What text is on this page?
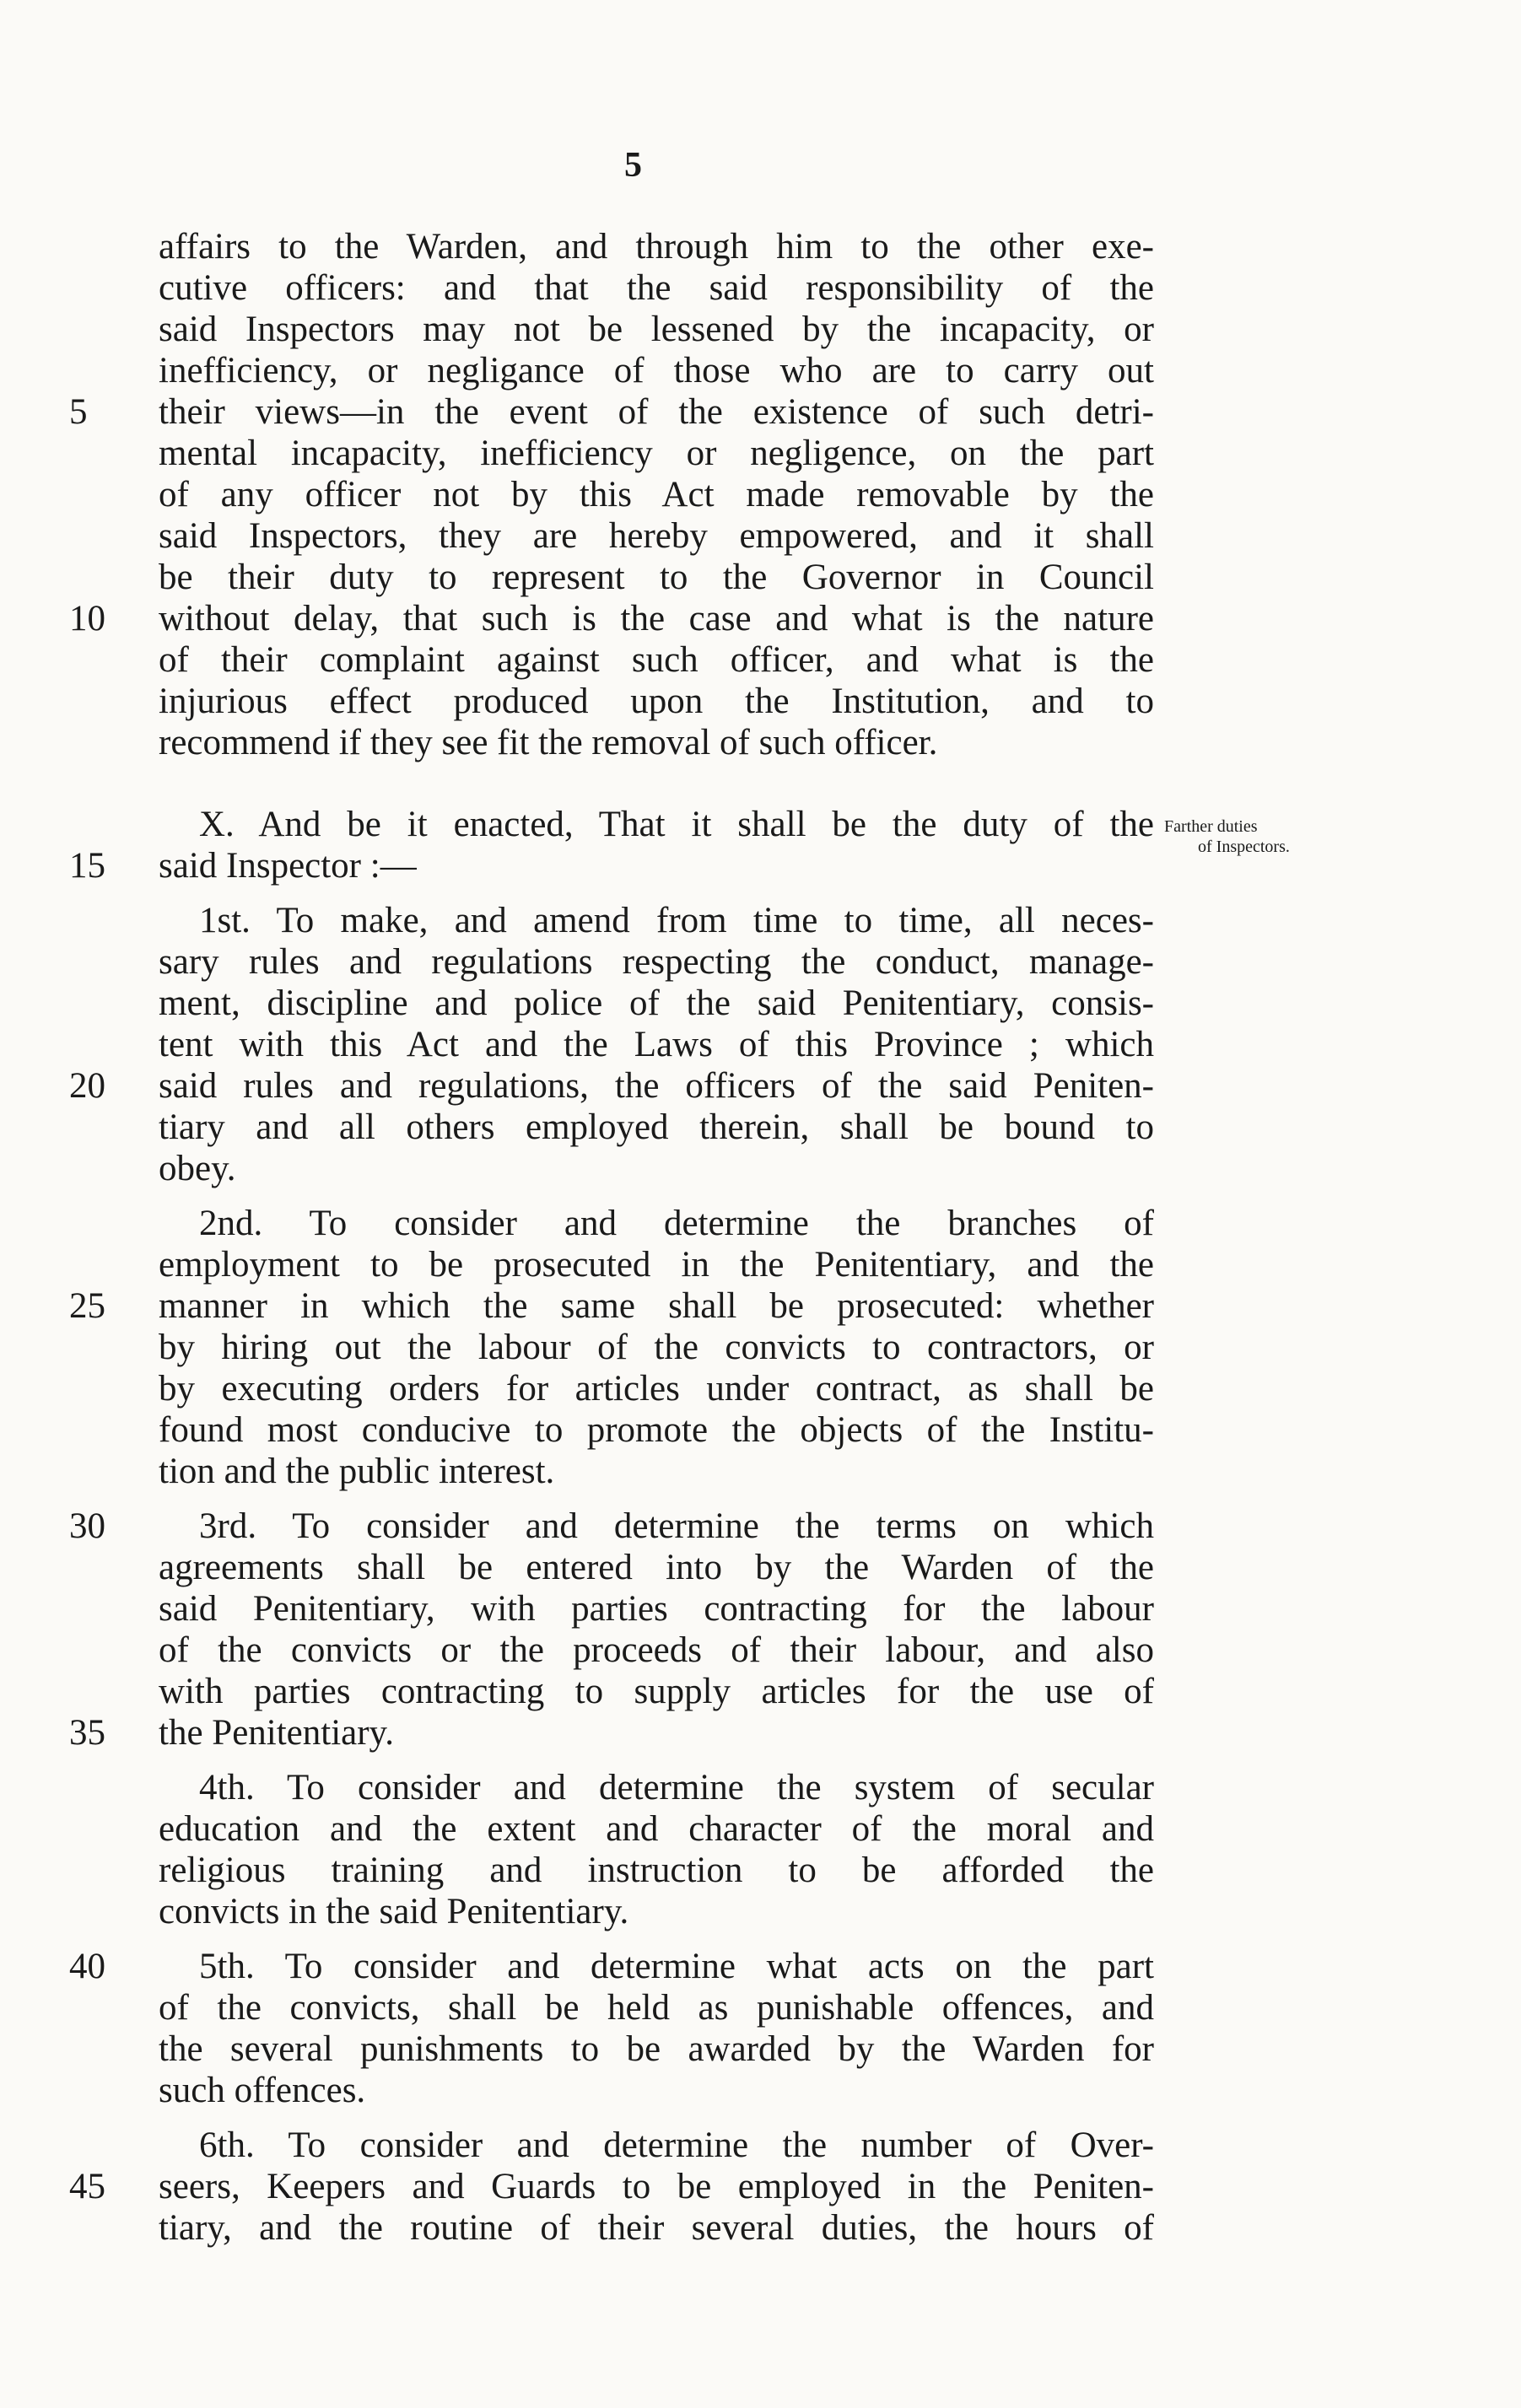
5
affairs to the Warden, and through him to the other exe-
cutive officers: and that the said responsibility of the
said Inspectors may not be lessened by the incapacity, or
inefficiency, or negligance of those who are to carry out
their views—in the event of the existence of such detri-
mental incapacity, inefficiency or negligence, on the part
of any officer not by this Act made removable by the
said Inspectors, they are hereby empowered, and it shall
be their duty to represent to the Governor in Council
without delay, that such is the case and what is the nature
of their complaint against such officer, and what is the
injurious effect produced upon the Institution, and to
recommend if they see fit the removal of such officer.
X. And be it enacted, That it shall be the duty of the
said Inspector :—
1st. To make, and amend from time to time, all neces-
sary rules and regulations respecting the conduct, manage-
ment, discipline and police of the said Penitentiary, consis-
tent with this Act and the Laws of this Province ; which
said rules and regulations, the officers of the said Peniten-
tiary and all others employed therein, shall be bound to
obey.
2nd. To consider and determine the branches of
employment to be prosecuted in the Penitentiary, and the
manner in which the same shall be prosecuted: whether
by hiring out the labour of the convicts to contractors, or
by executing orders for articles under contract, as shall be
found most conducive to promote the objects of the Institu-
tion and the public interest.
3rd. To consider and determine the terms on which
agreements shall be entered into by the Warden of the
said Penitentiary, with parties contracting for the labour
of the convicts or the proceeds of their labour, and also
with parties contracting to supply articles for the use of
the Penitentiary.
4th. To consider and determine the system of secular
education and the extent and character of the moral and
religious training and instruction to be afforded the
convicts in the said Penitentiary.
5th. To consider and determine what acts on the part
of the convicts, shall be held as punishable offences, and
the several punishments to be awarded by the Warden for
such offences.
6th. To consider and determine the number of Over-
seers, Keepers and Guards to be employed in the Peniten-
tiary, and the routine of their several duties, the hours of
5
10
15
20
25
30
35
40
45
Farther duties
of Inspectors.
